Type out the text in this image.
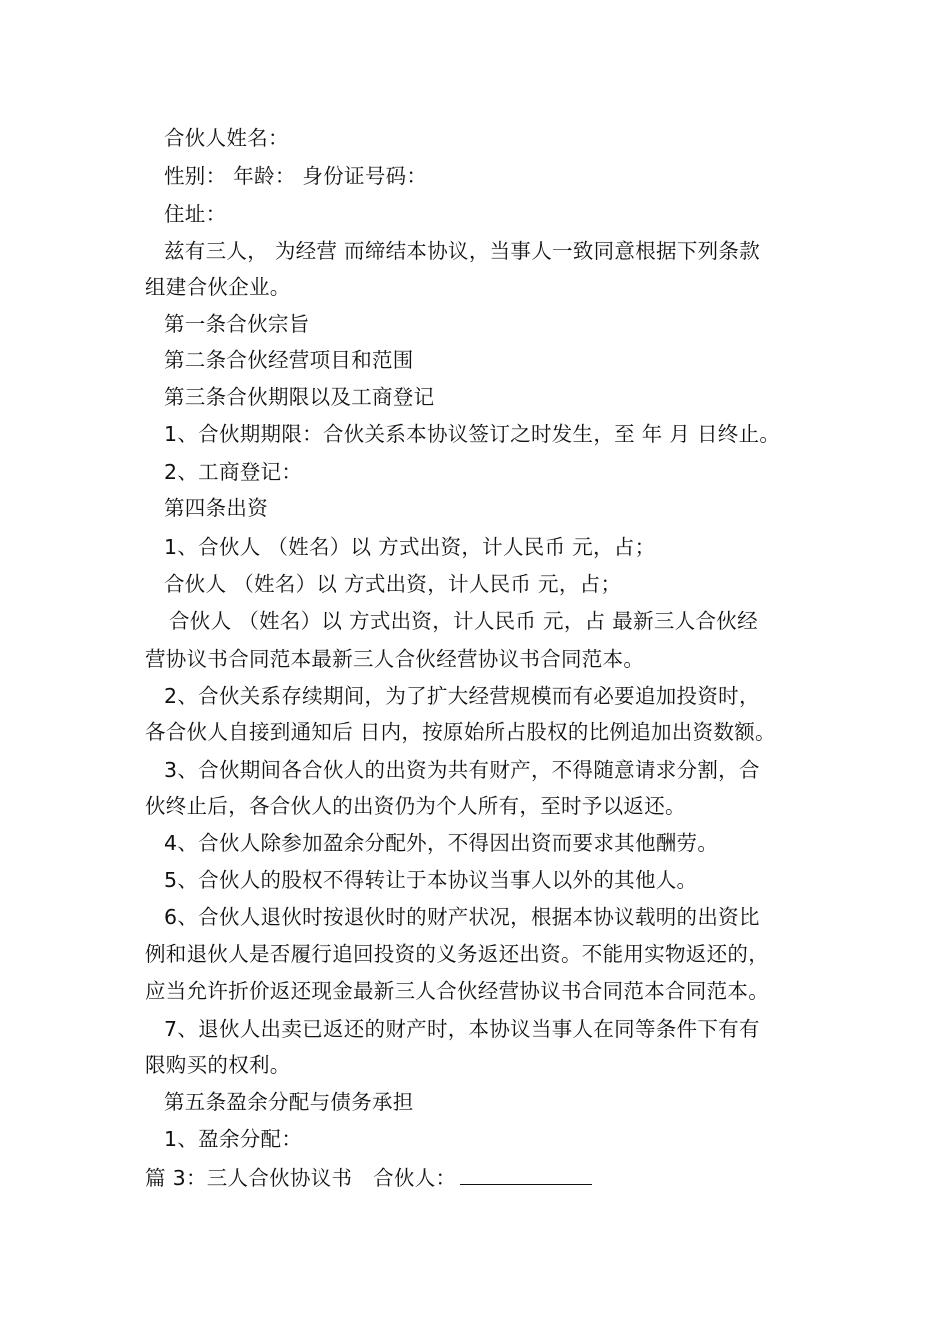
合伙人姓名：
性别： 年龄： 身份证号码：
住址：
兹有三人， 为经营 而缔结本协议，当事人一致同意根据下列条款
组建合伙企业。
第一条合伙宗旨
第二条合伙经营项目和范围
第三条合伙期限以及工商登记
1、合伙期期限：合伙关系本协议签订之时发生，至 年 月 日终止。
2、工商登记：
第四条出资
1、合伙人 （姓名）以 方式出资，计人民币 元，占；
合伙人 （姓名）以 方式出资，计人民币 元，占；
合伙人 （姓名）以 方式出资，计人民币 元，占 最新三人合伙经
营协议书合同范本最新三人合伙经营协议书合同范本。
2、合伙关系存续期间，为了扩大经营规模而有必要追加投资时，
各合伙人自接到通知后 日内，按原始所占股权的比例追加出资数额。
3、合伙期间各合伙人的出资为共有财产，不得随意请求分割，合
伙终止后，各合伙人的出资仍为个人所有，至时予以返还。
4、合伙人除参加盈余分配外，不得因出资而要求其他酬劳。
5、合伙人的股权不得转让于本协议当事人以外的其他人。
6、合伙人退伙时按退伙时的财产状况，根据本协议载明的出资比
例和退伙人是否履行追回投资的义务返还出资。不能用实物返还的，
应当允许折价返还现金最新三人合伙经营协议书合同范本合同范本。
7、退伙人出卖已返还的财产时，本协议当事人在同等条件下有有
限购买的权利。
第五条盈余分配与债务承担
1、盈余分配：
篇 3：三人合伙协议书　合伙人：
